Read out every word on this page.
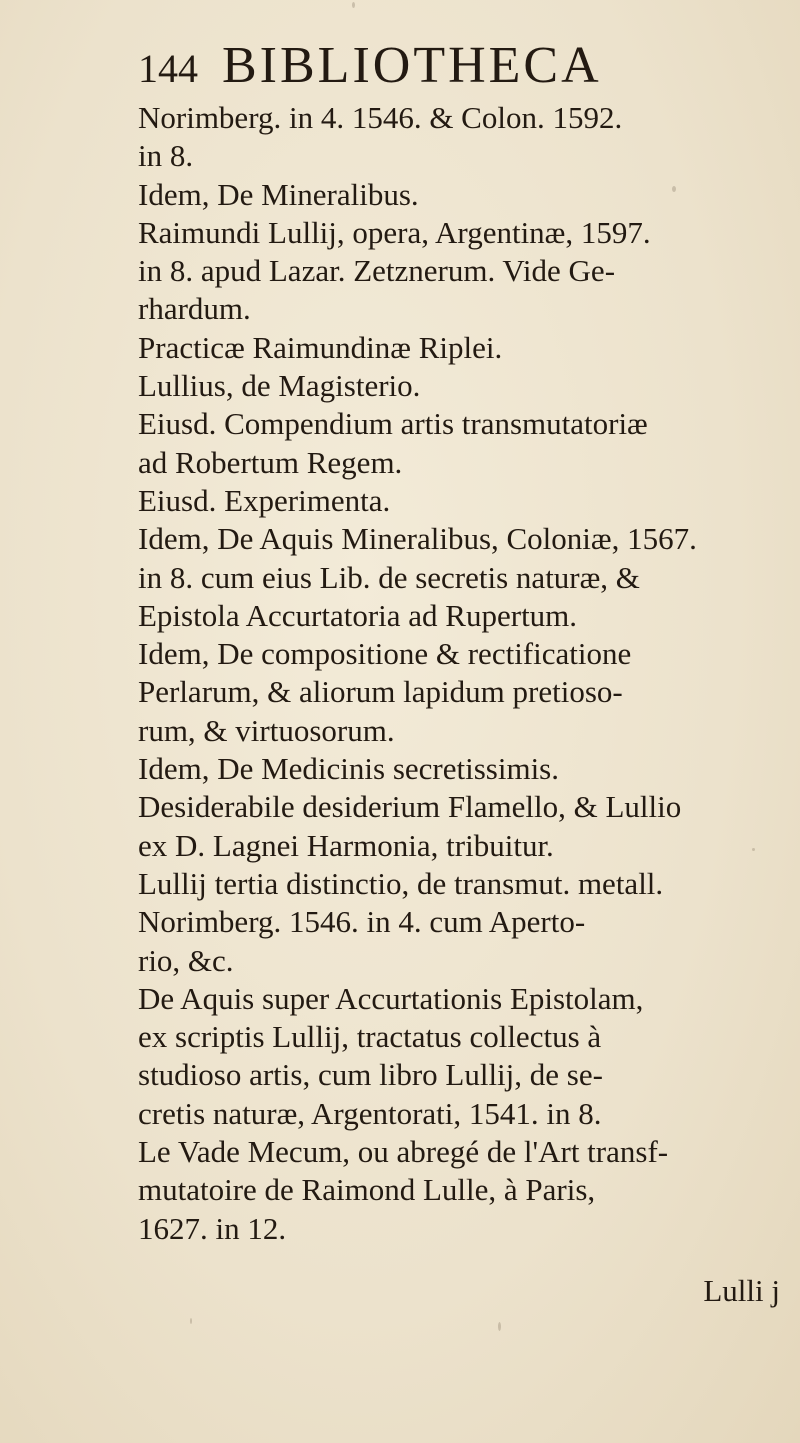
144 BIBLIOTHECA
Norimberg. in 4. 1546. & Colon. 1592.
in 8.
Idem, De Mineralibus.
Raimundi Lullij, opera, Argentinæ, 1597.
in 8. apud Lazar. Zetznerum. Vide Ge-
rhardum.
Practicæ Raimundinæ Riplei.
Lullius, de Magisterio.
Eiusd. Compendium artis transmutatoriæ
ad Robertum Regem.
Eiusd. Experimenta.
Idem, De Aquis Mineralibus, Coloniæ, 1567.
in 8. cum eius Lib. de secretis naturæ, &
Epistola Accurtatoria ad Rupertum.
Idem, De compositione & rectificatione
Perlarum, & aliorum lapidum pretioso-
rum, & virtuosorum.
Idem, De Medicinis secretissimis.
Desiderabile desiderium Flamello, & Lullio
ex D. Lagnei Harmonia, tribuitur.
Lullij tertia distinctio, de transmut. metall.
Norimberg. 1546. in 4. cum Aperto-
rio, &c.
De Aquis super Accurtationis Epistolam,
ex scriptis Lullij, tractatus collectus à
studioso artis, cum libro Lullij, de se-
cretis naturæ, Argentorati, 1541. in 8.
Le Vade Mecum, ou abregé de l'Art transf-
mutatoire de Raimond Lulle, à Paris,
1627. in 12.
Lulli j
